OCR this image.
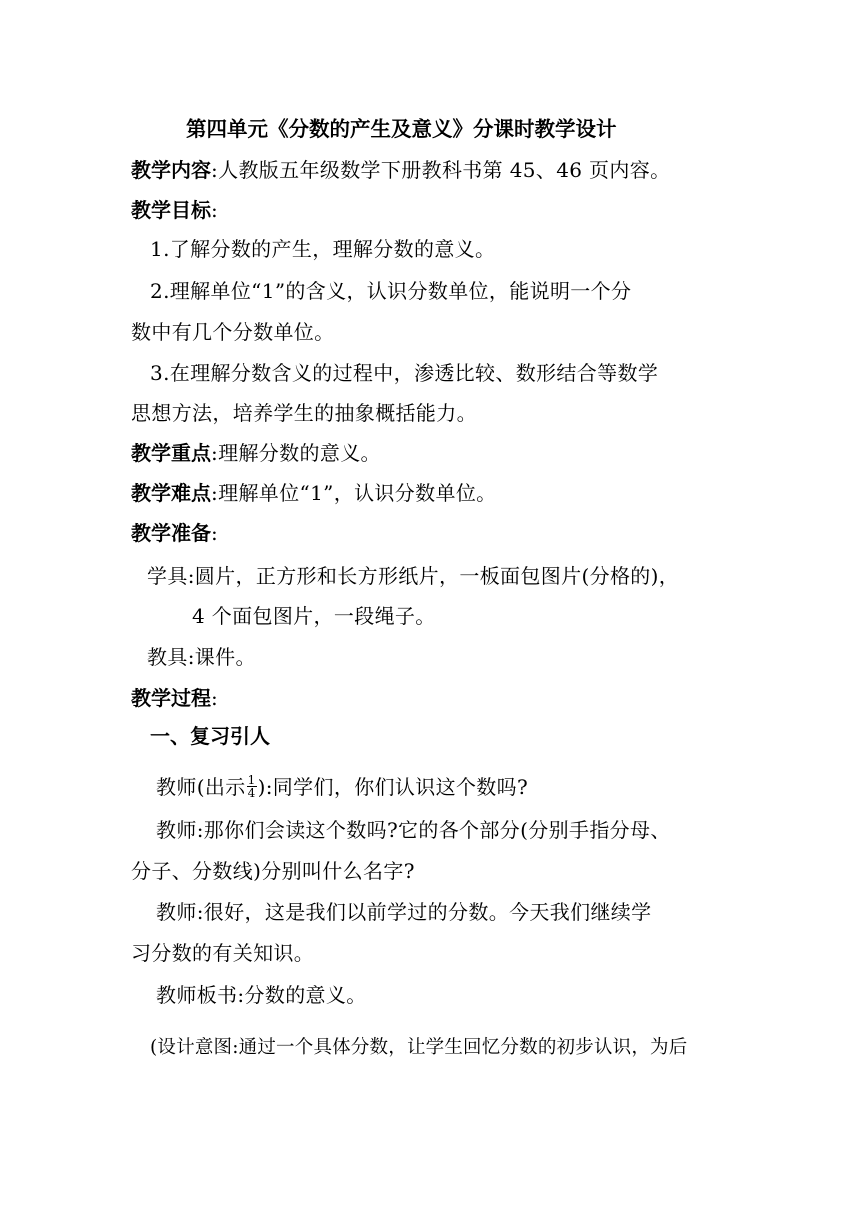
第四单元《分数的产生及意义》分课时教学设计
教学内容:人教版五年级数学下册教科书第 45、46 页内容。
教学目标:
1.了解分数的产生，理解分数的意义。
2.理解单位“1”的含义，认识分数单位，能说明一个分
数中有几个分数单位。
3.在理解分数含义的过程中，渗透比较、数形结合等数学
思想方法，培养学生的抽象概括能力。
教学重点:理解分数的意义。
教学难点:理解单位“1”，认识分数单位。
教学准备:
学具:圆片，正方形和长方形纸片，一板面包图片(分格的)，
4 个面包图片，一段绳子。
教具:课件。
教学过程:
一、复习引人
教师(出示 $\frac{1}{4}$ ):同学们，你们认识这个数吗?
教师:那你们会读这个数吗?它的各个部分(分别手指分母、
分子、分数线)分别叫什么名字?
教师:很好，这是我们以前学过的分数。今天我们继续学
习分数的有关知识。
教师板书:分数的意义。
(设计意图:通过一个具体分数，让学生回忆分数的初步认识，为后
